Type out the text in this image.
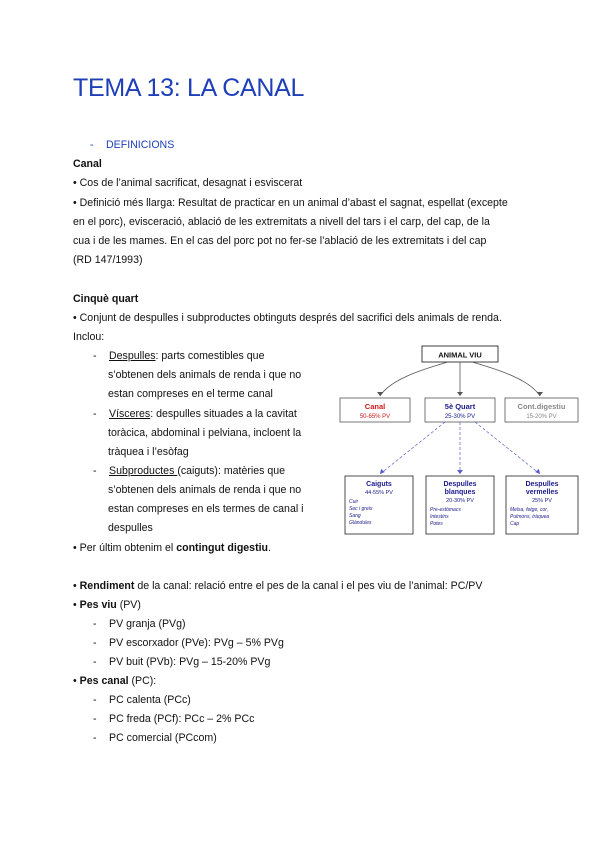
TEMA 13: LA CANAL
- DEFINICIONS
Canal
• Cos de l’animal sacrificat, desagnat i esviscerat
• Definició més llarga: Resultat de practicar en un animal d’abast el sagnat, espellat (excepte
en el porc), evisceració, ablació de les extremitats a nivell del tars i el carp, del cap, de la
cua i de les mames. En el cas del porc pot no fer-se l’ablació de les extremitats i del cap
(RD 147/1993)
Cinquè quart
• Conjunt de despulles i subproductes obtinguts després del sacrifici dels animals de renda.
Inclou:
- Despulles: parts comestibles que
s’obtenen dels animals de renda i que no
estan compreses en el terme canal
- Vísceres: despulles situades a la cavitat
toràcica, abdominal i pelviana, incloent la
tràquea i l’esòfag
- Subproductes (caiguts): matèries que
s’obtenen dels animals de renda i que no
estan compreses en els termes de canal i
despulles
• Per últim obtenim el contingut digestiu.
• Rendiment de la canal: relació entre el pes de la canal i el pes viu de l’animal: PC/PV
• Pes viu (PV)
- PV granja (PVg)
- PV escorxador (PVe): PVg – 5% PVg
- PV buit (PVb): PVg – 15-20% PVg
• Pes canal (PC):
- PC calenta (PCc)
- PC freda (PCf): PCc – 2% PCc
- PC comercial (PCcom)
ANIMAL VIU
Canal
50-65% PV
5è Quart
25-30% PV
Cont.digestiu
15-20% PV
Caiguts
44-55% PV
Cuir
Sec i greix
Sang
Glàndules
Despulles
blanques
20-30% PV
Pre-estòmacs
Intestins
Potes
Despulles
vermelles
25% PV
Melsa, fetge, cor,
Pulmons, tràquea
Cap
